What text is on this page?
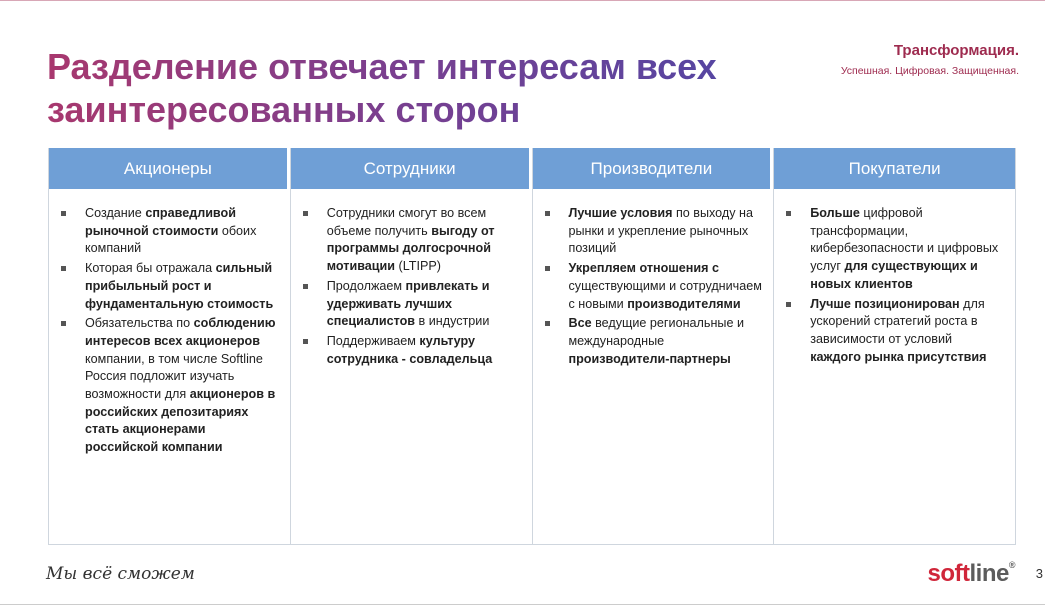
Разделение отвечает интересам всех
заинтересованных сторон
Трансформация.
Успешная. Цифровая. Защищенная.
Акционеры
Создание справедливой рыночной стоимости обоих компаний
Которая бы отражала сильный прибыльный рост и фундаментальную стоимость
Обязательства по соблюдению интересов всех акционеров компании, в том числе Softline Россия подложит изучать возможности для акционеров в российских депозитариях стать акционерами российской компании
Сотрудники
Сотрудники смогут во всем объеме получить выгоду от программы долгосрочной мотивации (LTIPP)
Продолжаем привлекать и удерживать лучших специалистов в индустрии
Поддерживаем культуру сотрудника - совладельца
Производители
Лучшие условия по выходу на рынки и укрепление рыночных позиций
Укрепляем отношения с существующими и сотрудничаем с новыми производителями
Все ведущие региональные и международные производители-партнеры
Покупатели
Больше цифровой трансформации, кибербезопасности и цифровых услуг для существующих и новых клиентов
Лучше позиционирован для ускорений стратегий роста в зависимости от условий каждого рынка присутствия
Мы всё сможем	softline®
3
